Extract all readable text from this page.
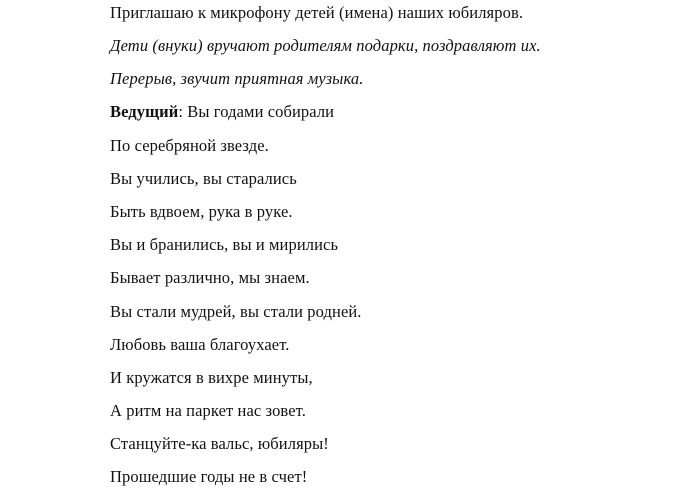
Приглашаю к микрофону детей (имена) наших юбиляров.
Дети (внуки) вручают родителям подарки, поздравляют их.
Перерыв, звучит приятная музыка.
Ведущий: Вы годами собирали
По серебряной звезде.
Вы учились, вы старались
Быть вдвоем, рука в руке.
Вы и бранились, вы и мирились
Бывает различно, мы знаем.
Вы стали мудрей, вы стали родней.
Любовь ваша благоухает.
И кружатся в вихре минуты,
А ритм на паркет нас зовет.
Станцуйте-ка вальс, юбиляры!
Прошедшие годы не в счет!
